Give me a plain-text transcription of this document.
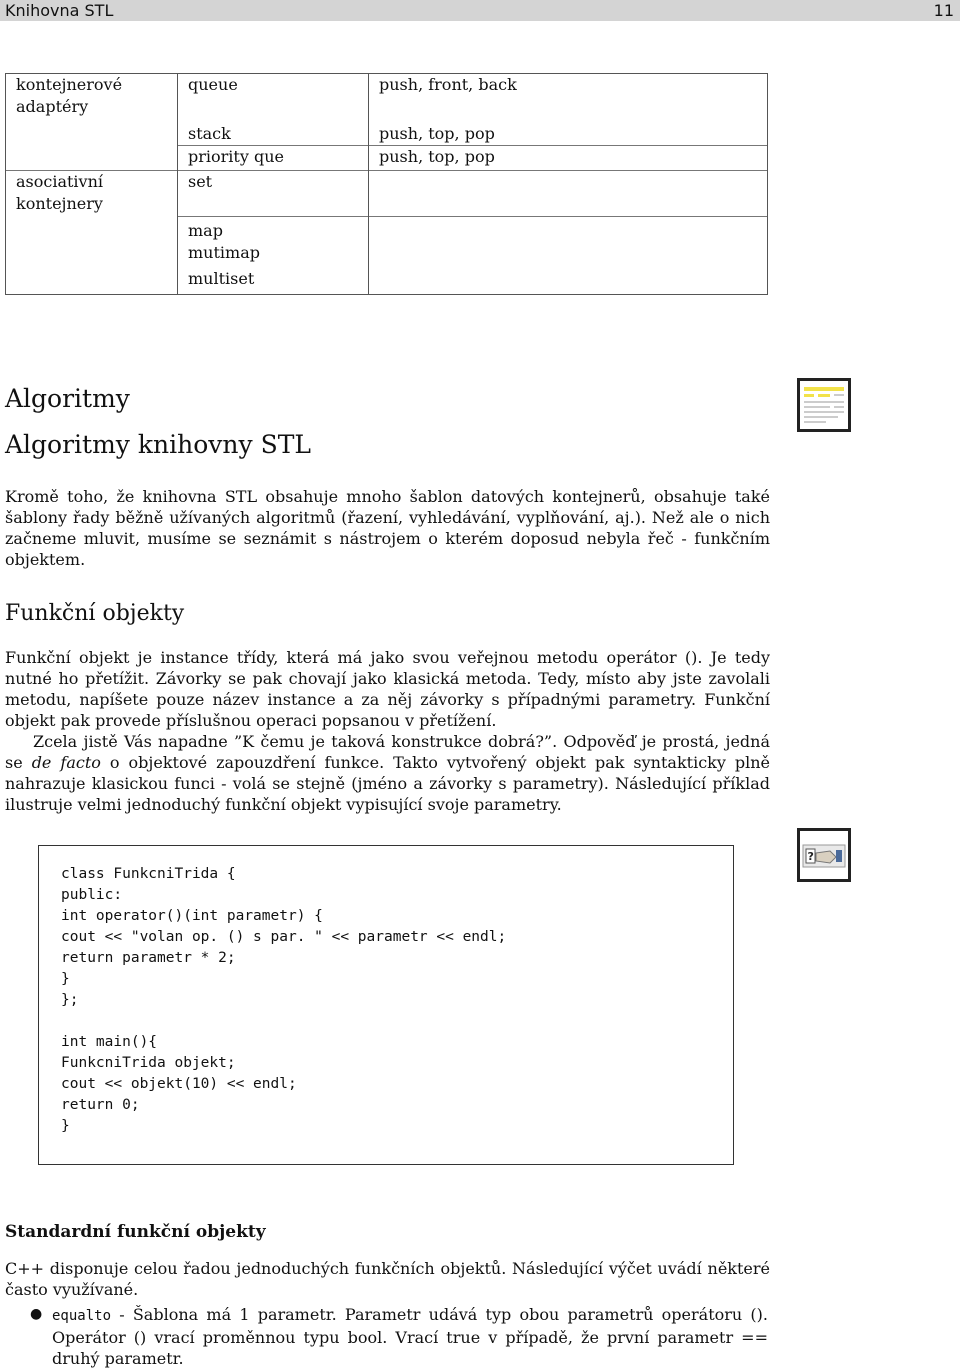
Knihovna STL	11
kontejnerové adaptéry	queue	push, front, back
	stack	push, top, pop
	priority que	push, top, pop
asociativní kontejnery	set	
	map	
	mutimap	
	multiset	
Algoritmy
Algoritmy knihovny STL

Kromě toho, že knihovna STL obsahuje mnoho šablon datových kontejnerů, obsahuje také šablony řady běžně užívaných algoritmů (řazení, vyhledávání, vyplňování, aj.). Než ale o nich začneme mluvit, musíme se seznámit s nástrojem o kterém doposud nebyla řeč - funkčním objektem.

Funkční objekty

Funkční objekt je instance třídy, která má jako svou veřejnou metodu operátor (). Je tedy nutné ho přetížit. Závorky se pak chovají jako klasická metoda. Tedy, místo aby jste zavolali metodu, napíšete pouze název instance a za něj závorky s případnými parametry. Funkční objekt pak provede příslušnou operaci popsanou v přetížení.

Zcela jistě Vás napadne ”K čemu je taková konstrukce dobrá?”. Odpověď je prostá, jedná se de facto o objektové zapouzdření funkce. Takto vytvořený objekt pak syntakticky plně nahrazuje klasickou funci - volá se stejně (jméno a závorky s parametry). Následující příklad ilustruje velmi jednoduchý funkční objekt vypisující svoje parametry.

?
class FunkcniTrida {
public:
int operator()(int parametr) {
cout << "volan op. () s par. " << parametr << endl;
return parametr * 2;
}
};

int main(){
FunkcniTrida objekt;
cout << objekt(10) << endl;
return 0;
}
Standardní funkční objekty

C++ disponuje celou řadou jednoduchých funkčních objektů. Následující výčet uvádí některé často využívané.

● equalto - Šablona má 1 parametr. Parametr udává typ obou parametrů operátoru (). Operátor () vrací proměnnou typu bool. Vrací true v případě, že první parametr == druhý parametr.
